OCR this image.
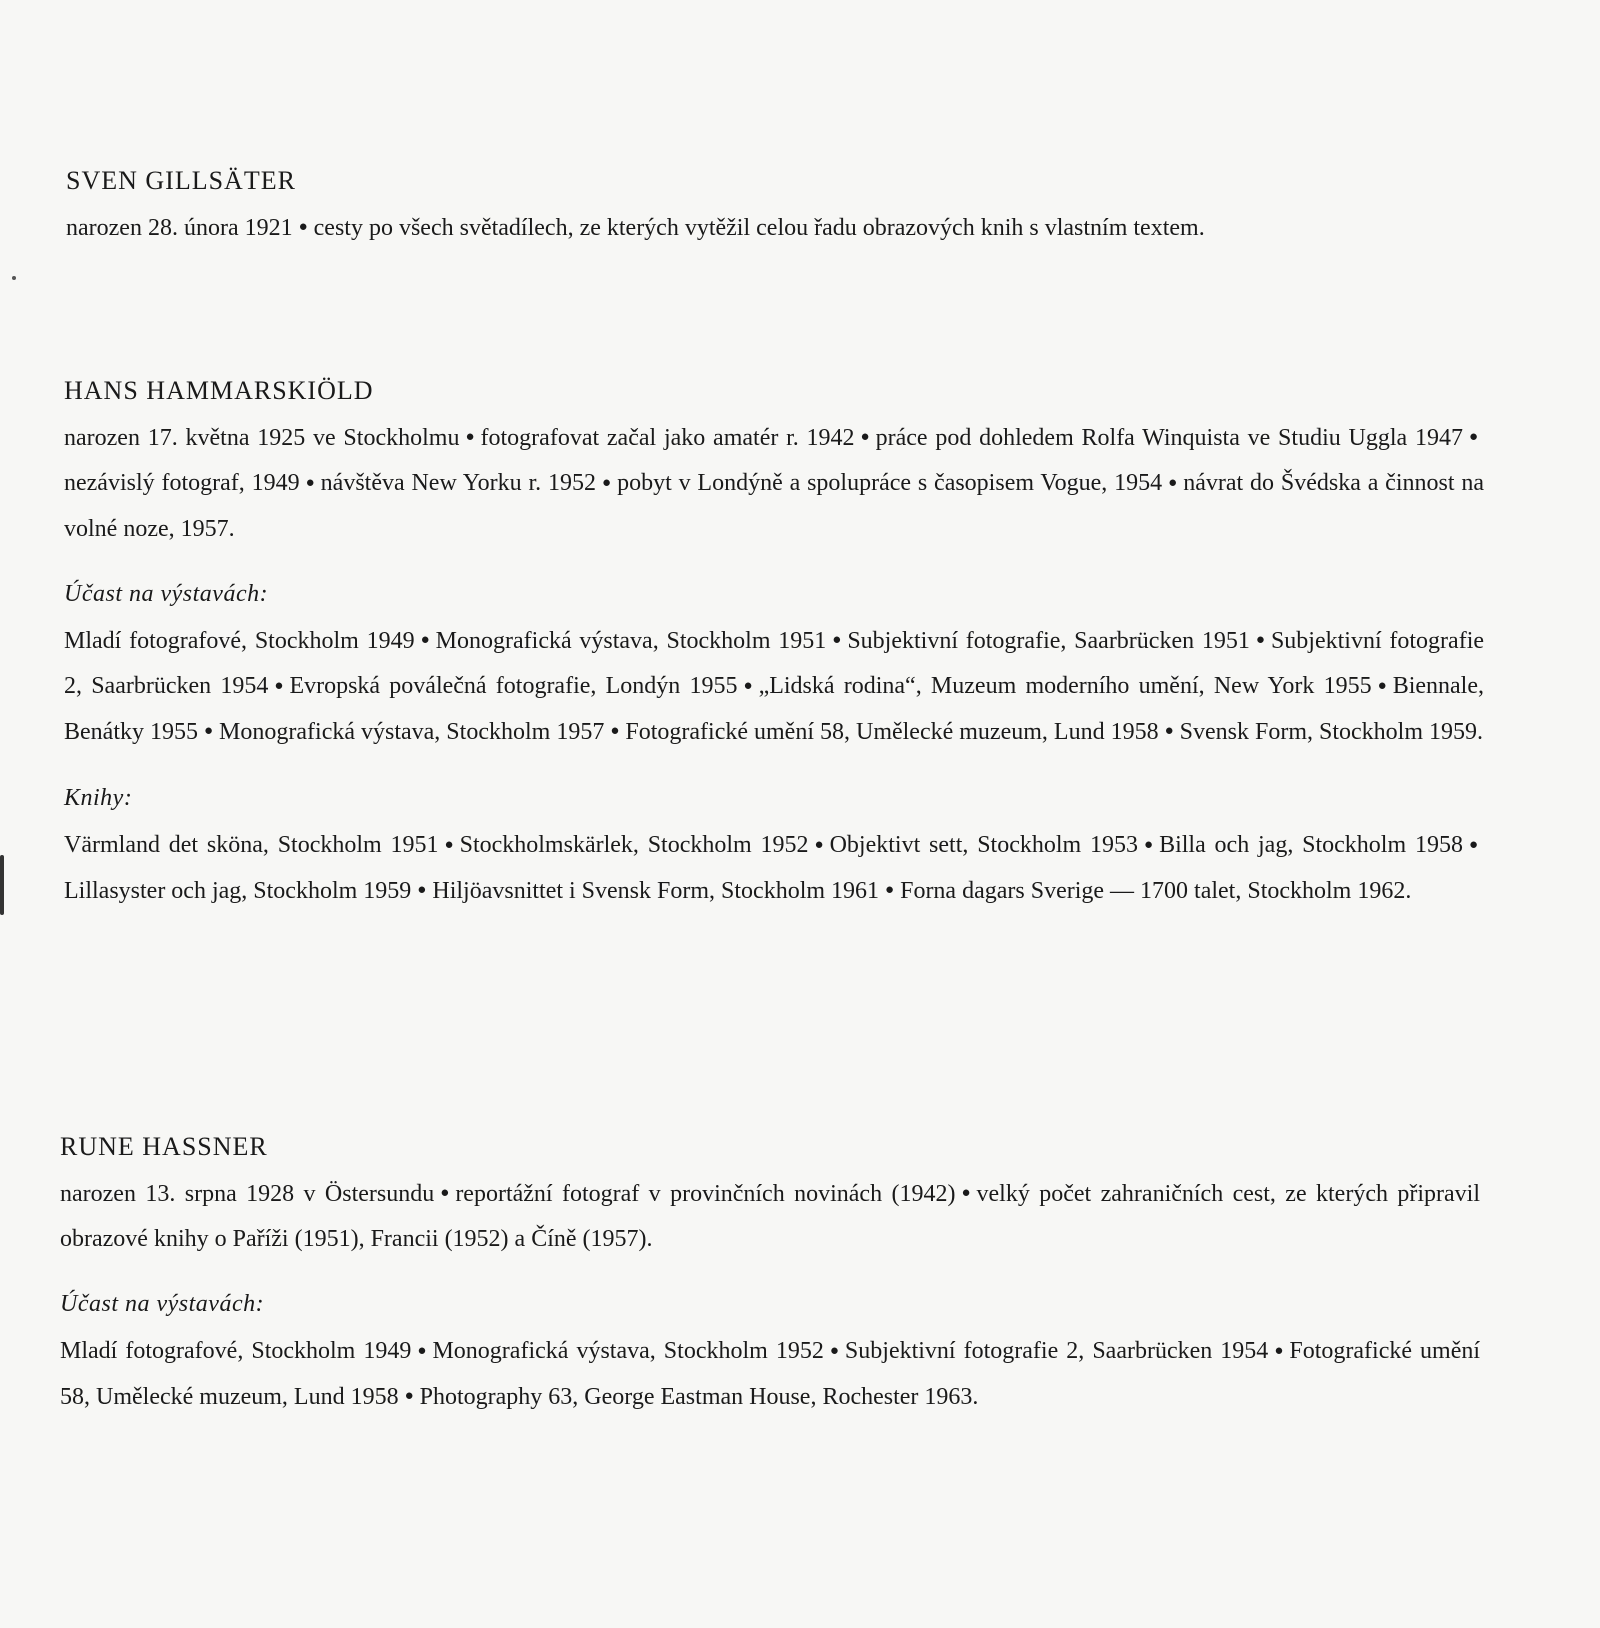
SVEN GILLSÄTER

narozen 28. února 1921 ● cesty po všech světadílech, ze kterých vytěžil celou řadu obrazových knih s vlastním textem.

HANS HAMMARSKIÖLD

narozen 17. května 1925 ve Stockholmu ● fotografovat začal jako amatér r. 1942 ● práce pod dohledem Rolfa Winquista ve Studiu Uggla 1947 ●nezávislý fotograf, 1949 ● návštěva New Yorku r. 1952 ● pobyt v Londýně a spolupráce s časopisem Vogue, 1954 ● návrat do Švédska a činnost na volné noze, 1957.

Účast na výstavách:

Mladí fotografové, Stockholm 1949 ● Monografická výstava, Stockholm 1951 ● Subjektivní fotografie, Saarbrücken 1951 ● Subjektivní fotografie 2, Saarbrücken 1954 ● Evropská poválečná fotografie, Londýn 1955 ● „Lidská rodina“, Muzeum moderního umění, New York 1955 ● Biennale, Benátky 1955 ● Monografická výstava, Stockholm 1957 ● Fotografické umění 58, Umělecké muzeum, Lund 1958 ● Svensk Form, Stockholm 1959.

Knihy:

Värmland det sköna, Stockholm 1951 ● Stockholmskärlek, Stockholm 1952 ● Objektivt sett, Stockholm 1953 ● Billa och jag, Stockholm 1958 ●Lillasyster och jag, Stockholm 1959 ● Hiljöavsnittet i Svensk Form, Stockholm 1961 ● Forna dagars Sverige — 1700 talet, Stockholm 1962.

RUNE HASSNER

narozen 13. srpna 1928 v Östersundu ● reportážní fotograf v provinčních novinách (1942) ● velký počet zahraničních cest, ze kterých připravil obrazové knihy o Paříži (1951), Francii (1952) a Číně (1957).

Účast na výstavách:

Mladí fotografové, Stockholm 1949 ● Monografická výstava, Stockholm 1952 ● Subjektivní fotografie 2, Saarbrücken 1954 ● Fotografické umění 58, Umělecké muzeum, Lund 1958 ● Photography 63, George Eastman House, Rochester 1963.
